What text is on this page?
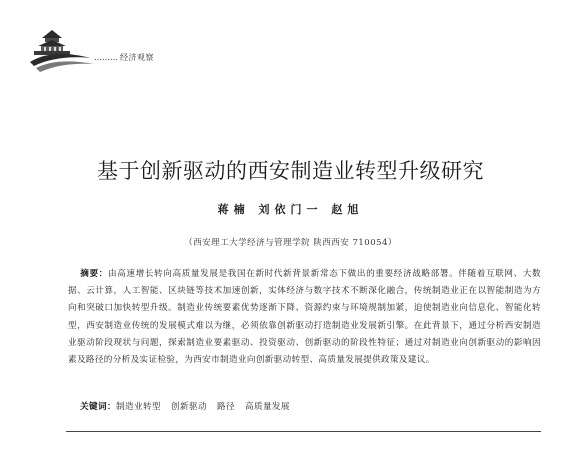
……… 经济观察
基于创新驱动的西安制造业转型升级研究
蒋楠 刘依门一 赵旭
（西安理工大学经济与管理学院 陕西西安 710054）
摘要：由高速增长转向高质量发展是我国在新时代新背景新常态下做出的重要经济战略部署。伴随着互联网、大数据、云计算，人工智能、区块链等技术加速创新，实体经济与数字技术不断深化融合，传统制造业正在以智能制造为方向和突破口加快转型升级。制造业传统要素优势逐渐下降、资源约束与环境规制加紧，迫使制造业向信息化、智能化转型，西安制造业传统的发展模式难以为继，必须依靠创新驱动打造制造业发展新引擎。在此背景下，通过分析西安制造业驱动阶段现状与问题，探索制造业要素驱动、投资驱动、创新驱动的阶段性特征；通过对制造业向创新驱动的影响因素及路径的分析及实证检验，为西安市制造业向创新驱动转型、高质量发展提供政策及建议。
关键词：制造业转型 创新驱动 路径 高质量发展
